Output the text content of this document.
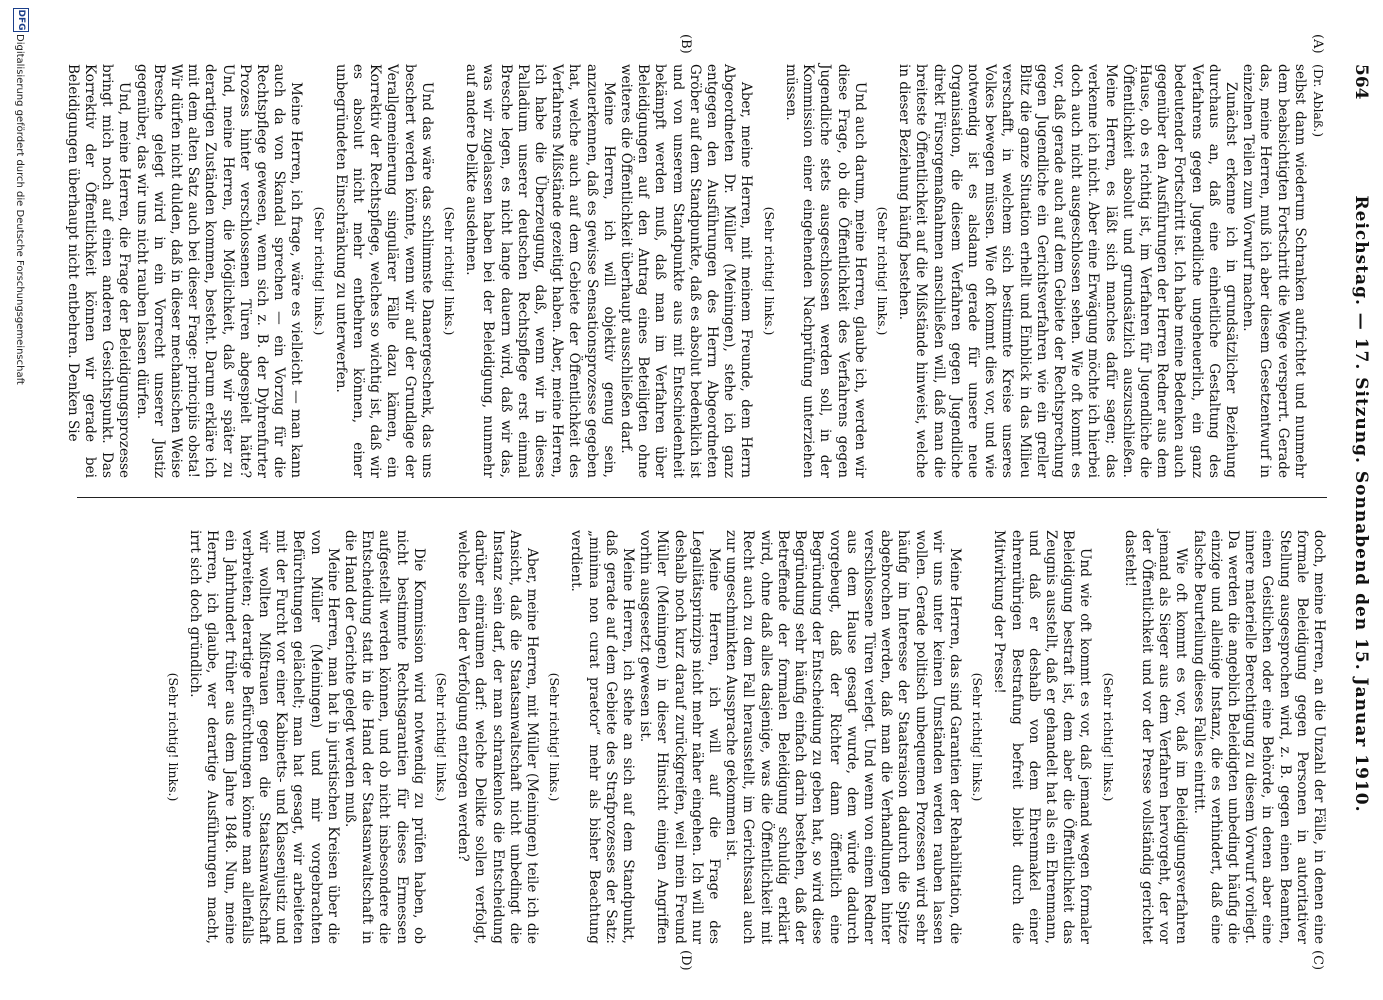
564
Reichstag. — 17. Sitzung. Sonnabend den 15. Januar 1910.
(A)
(B)
(C)
(D)

(Dr. Ablaß.)

selbst dann wiederum Schranken aufrichtet und nunmehr dem beabsichtigten Fortschritt die Wege versperrt. Gerade das, meine Herren, muß ich aber diesem Gesetzentwurf in einzelnen Teilen zum Vorwurf machen.

Zunächst erkenne ich in grundsätzlicher Beziehung durchaus an, daß eine einheitliche Gestaltung des Verfahrens gegen Jugendliche ungeheuerlich, ein ganz bedeutender Fortschritt ist. Ich habe meine Bedenken auch gegenüber den Ausführungen der Herren Redner aus dem Hause, ob es richtig ist, im Verfahren für Jugendliche die Öffentlichkeit absolut und grundsätzlich auszuschließen. Meine Herren, es läßt sich manches dafür sagen; das verkenne ich nicht. Aber eine Erwägung möchte ich hierbei doch auch nicht ausgeschlossen sehen. Wie oft kommt es vor, daß gerade auch auf dem Gebiete der Rechtsprechung gegen Jugendliche ein Gerichtsverfahren wie ein greller Blitz die ganze Situation erhellt und Einblick in das Milieu verschafft, in welchem sich bestimmte Kreise unseres Volkes bewegen müssen. Wie oft kommt dies vor, und wie notwendig ist es alsdann gerade für unsere neue Organisation, die diesem Verfahren gegen Jugendliche direkt Fürsorgemaßnahmen anschließen will, daß man die breiteste Öffentlichkeit auf die Mißstände hinweist, welche in dieser Beziehung häufig bestehen.

(Sehr richtig! links.)

Und auch darum, meine Herren, glaube ich, werden wir diese Frage, ob die Öffentlichkeit des Verfahrens gegen Jugendliche stets ausgeschlossen werden soll, in der Kommission einer eingehenden Nachprüfung unterziehen müssen.

(Sehr richtig! links.)

Aber, meine Herren, mit meinem Freunde, dem Herrn Abgeordneten Dr. Müller (Meiningen), stehe ich ganz entgegen den Ausführungen des Herrn Abgeordneten Gröber auf dem Standpunkte, daß es absolut bedenklich ist und von unserem Standpunkte aus mit Entschiedenheit bekämpft werden muß, daß man im Verfahren über Beleidigungen auf den Antrag eines Beteiligten ohne weiteres die Öffentlichkeit überhaupt ausschließen darf.

Meine Herren, ich will objektiv genug sein, anzuerkennen, daß es gewisse Sensationsprozesse gegeben hat, welche auch auf dem Gebiete der Öffentlichkeit des Verfahrens Mißstände gezeitigt haben. Aber, meine Herren, ich habe die Überzeugung, daß, wenn wir in dieses Palladium unserer deutschen Rechtspflege erst einmal Bresche legen, es nicht lange dauern wird, daß wir das, was wir zugelassen haben bei der Beleidigung, nunmehr auf andere Delikte ausdehnen.

(Sehr richtig! links.)

Und das wäre das schlimmste Danaergeschenk, das uns beschert werden könnte, wenn wir auf der Grundlage der Verallgemeinerung singulärer Fälle dazu kämen, ein Korrektiv der Rechtspflege, welches so wichtig ist, daß wir es absolut nicht mehr entbehren können, einer unbegründeten Einschränkung zu unterwerfen.

(Sehr richtig! links.)

Meine Herren, ich frage, wäre es vielleicht — man kann auch da von Skandal sprechen — ein Vorzug für die Rechtspflege gewesen, wenn sich z. B. der Dyhrenfurter Prozess hinter verschlossenen Türen abgespielt hätte? Und, meine Herren, die Möglichkeit, daß wir später zu derartigen Zuständen kommen, besteht. Darum erkläre ich mit dem alten Satz auch bei dieser Frage: principiis obsta! Wir dürfen nicht dulden, daß in dieser mechanischen Weise Bresche gelegt wird in ein Vorrecht unserer Justiz gegenüber, das wir uns nicht rauben lassen dürfen.

Und, meine Herren, die Frage der Beleidigungsprozesse bringt mich noch auf einen anderen Gesichtspunkt. Das Korrektiv der Öffentlichkeit können wir gerade bei Beleidigungen überhaupt nicht entbehren. Denken Sie

doch, meine Herren, an die Unzahl der Fälle, in denen eine formale Beleidigung gegen Personen in autoritativer Stellung ausgesprochen wird, z. B. gegen einen Beamten, einen Geistlichen oder eine Behörde, in denen aber eine innere materielle Berechtigung zu diesem Vorwurf vorliegt. Da werden die angeblich Beleidigten unbedingt häufig die einzige und alleinige Instanz, die es verhindert, daß eine falsche Beurteilung dieses Falles eintritt.

Wie oft kommt es vor, daß im Beleidigungsverfahren jemand als Sieger aus dem Verfahren hervorgeht, der vor der Öffentlichkeit und vor der Presse vollständig gerichtet dasteht!

(Sehr richtig! links.)

Und wie oft kommt es vor, daß jemand wegen formaler Beleidigung bestraft ist, dem aber die Öffentlichkeit das Zeugnis ausstellt, daß er gehandelt hat als ein Ehrenmann, und daß er deshalb von dem Ehrenmakel einer ehrenrührigen Bestrafung befreit bleibt durch die Mitwirkung der Presse!

(Sehr richtig! links.)

Meine Herren, das sind Garantien der Rehabilitation, die wir uns unter keinen Umständen werden rauben lassen wollen. Gerade politisch unbequemen Prozessen wird sehr häufig im Interesse der Staatsraison dadurch die Spitze abgebrochen werden, daß man die Verhandlungen hinter verschlossene Türen verlegt. Und wenn von einem Redner aus dem Hause gesagt wurde, dem würde dadurch vorgebeugt, daß der Richter dann öffentlich eine Begründung der Entscheidung zu geben hat, so wird diese Begründung sehr häufig einfach darin bestehen, daß der Betreffende der formalen Beleidigung schuldig erklärt wird, ohne daß alles dasjenige, was die Öffentlichkeit mit Recht auch zu dem Fall herausstellt, im Gerichtssaal auch zur ungeschminkten Aussprache gekommen ist.

Meine Herren, ich will auf die Frage des Legalitätsprinzips nicht mehr näher eingehen. Ich will nur deshalb noch kurz darauf zurückgreifen, weil mein Freund Müller (Meiningen) in dieser Hinsicht einigen Angriffen vorhin ausgesetzt gewesen ist.

Meine Herren, ich stehe an sich auf dem Standpunkt, daß gerade auf dem Gebiete des Strafprozesses der Satz: „minima non curat praetor“ mehr als bisher Beachtung verdient.

(Sehr richtig! links.)

Aber, meine Herren, mit Müller (Meiningen) teile ich die Ansicht, daß die Staatsanwaltschaft nicht unbedingt die Instanz sein darf, der man schrankenlos die Entscheidung darüber einräumen darf: welche Delikte sollen verfolgt, welche sollen der Verfolgung entzogen werden?

(Sehr richtig! links.)

Die Kommission wird notwendig zu prüfen haben, ob nicht bestimmte Rechtsgarantien für dieses Ermessen aufgestellt werden können, und ob nicht insbesondere die Entscheidung statt in die Hand der Staatsanwaltschaft in die Hand der Gerichte gelegt werden muß.

Meine Herren, man hat in juristischen Kreisen über die von Müller (Meiningen) und mir vorgebrachten Befürchtungen gelächelt; man hat gesagt, wir arbeiteten mit der Furcht vor einer Kabinetts- und Klassenjustiz und wir wollten Mißtrauen gegen die Staatsanwaltschaft verbreiten; derartige Befürchtungen könne man allenfalls ein Jahrhundert früher aus dem Jahre 1848. Nun, meine Herren, ich glaube, wer derartige Ausführungen macht, irrt sich doch gründlich.

(Sehr richtig! links.)

DFG
Digitalisierung gefördert durch die Deutsche Forschungsgemeinschaft
